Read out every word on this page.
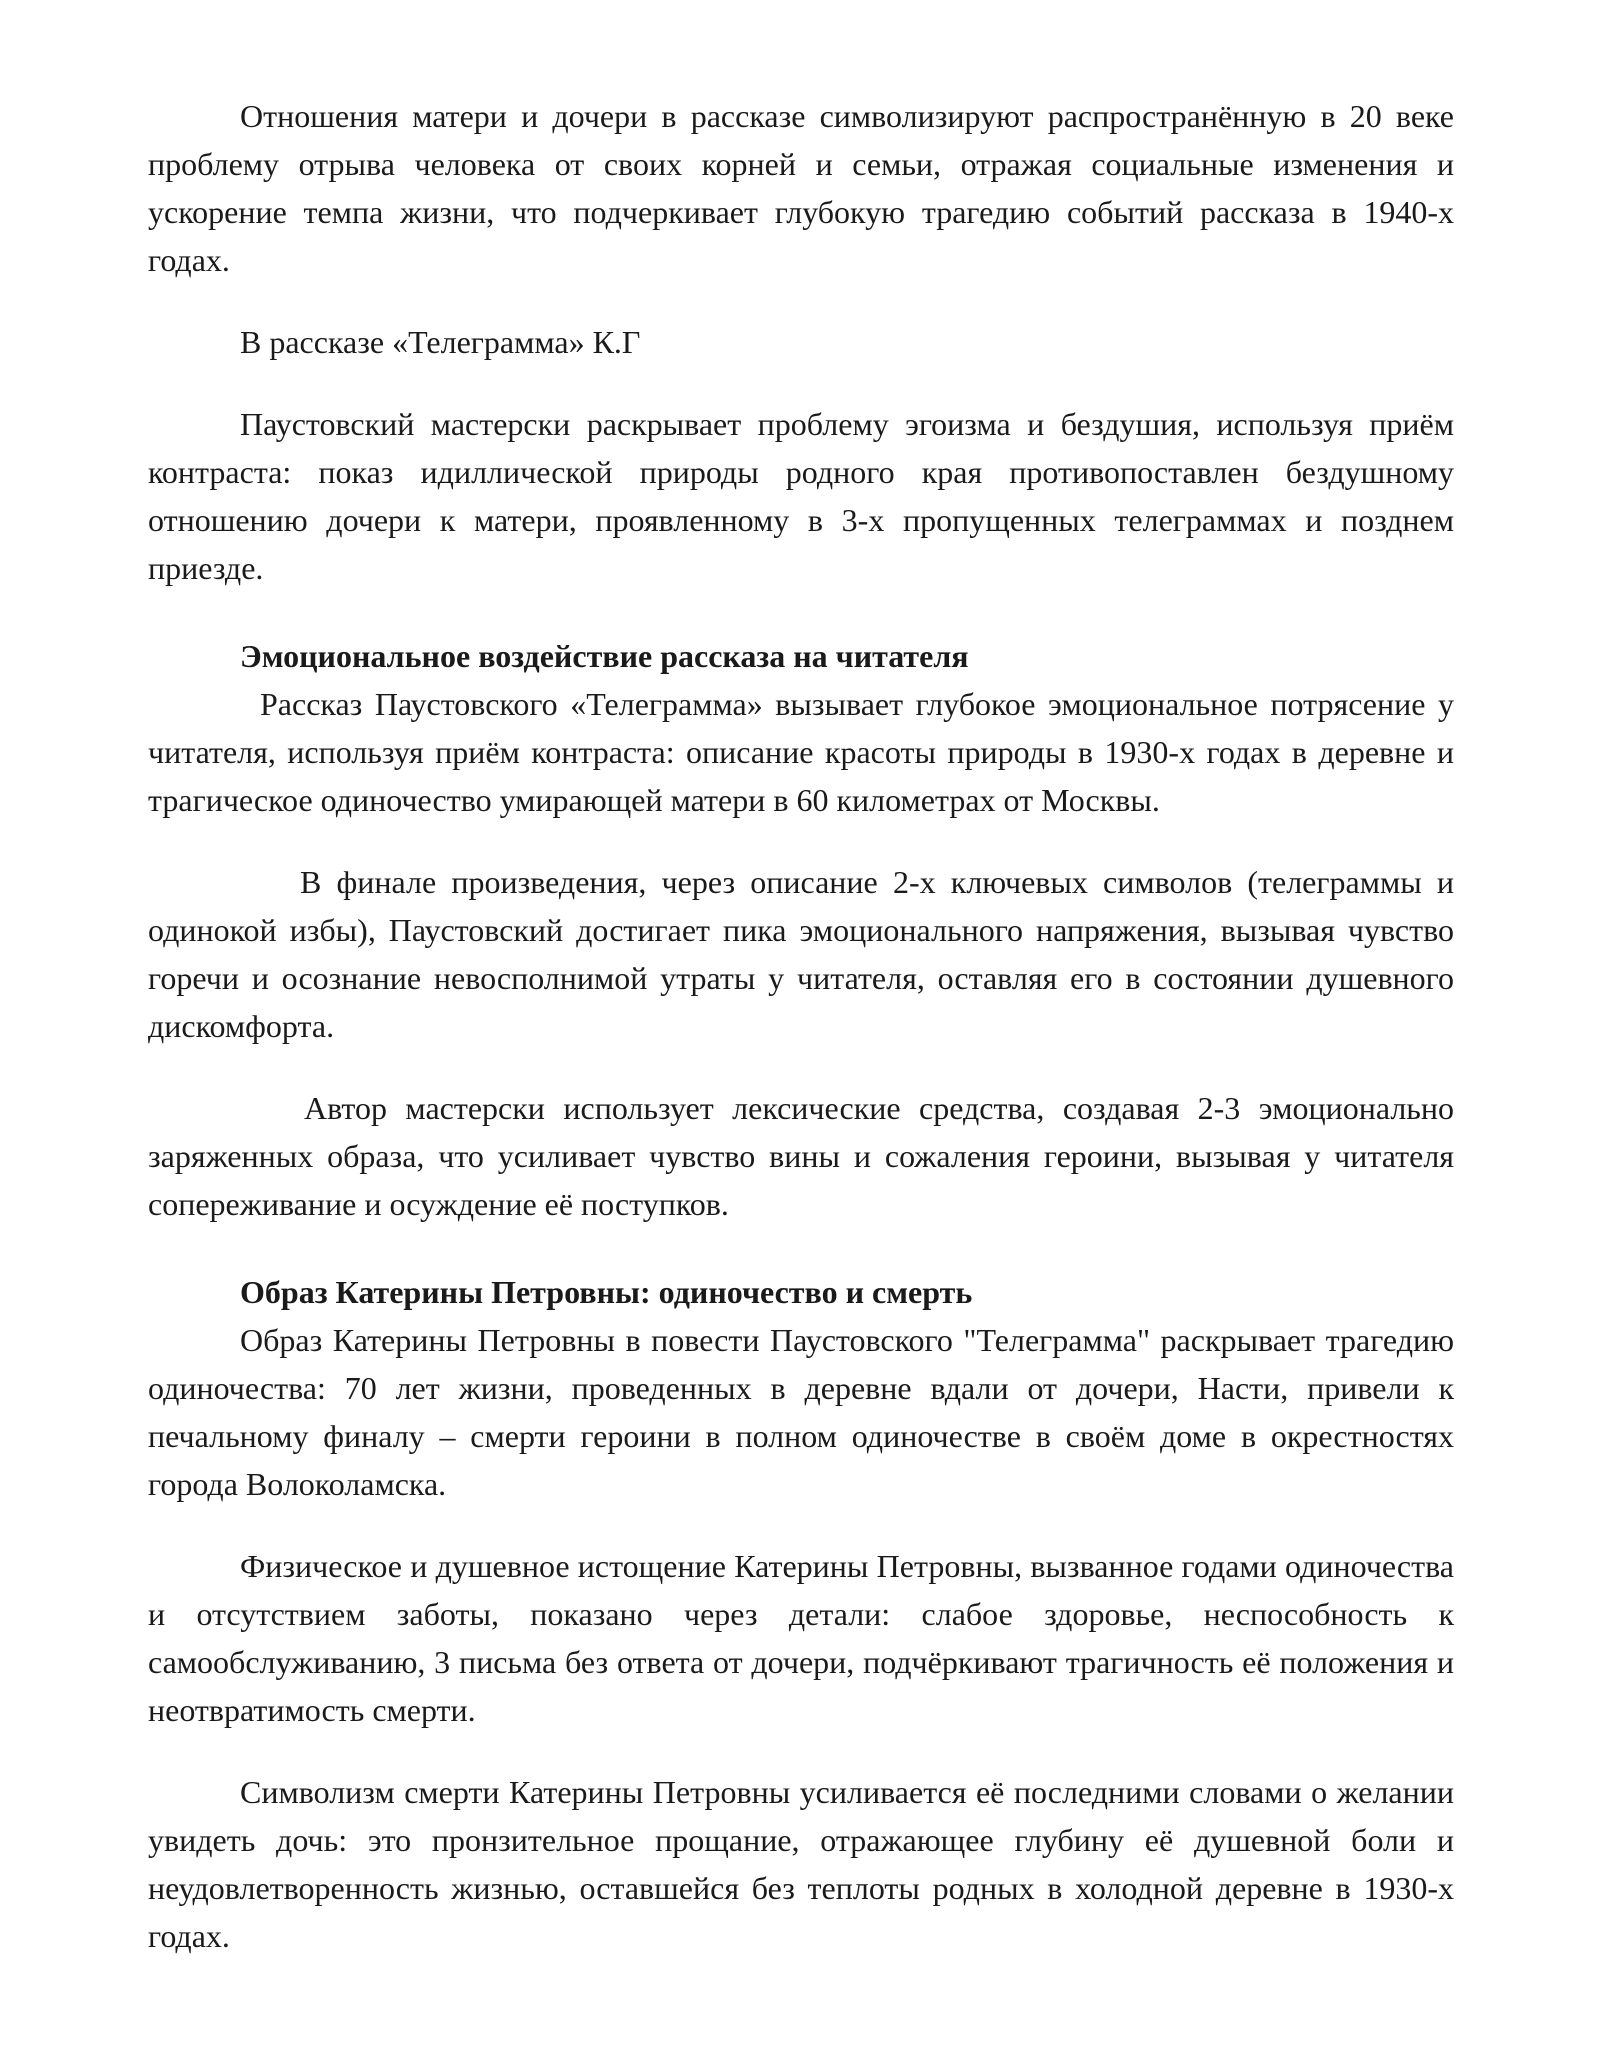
Отношения матери и дочери в рассказе символизируют распространённую в 20 веке проблему отрыва человека от своих корней и семьи, отражая социальные изменения и ускорение темпа жизни, что подчеркивает глубокую трагедию событий рассказа в 1940-х годах.

В рассказе «Телеграмма» К.Г

Паустовский мастерски раскрывает проблему эгоизма и бездушия, используя приём контраста: показ идиллической природы родного края противопоставлен бездушному отношению дочери к матери, проявленному в 3-х пропущенных телеграммах и позднем приезде.

Эмоциональное воздействие рассказа на читателя

Рассказ Паустовского «Телеграмма» вызывает глубокое эмоциональное потрясение у читателя, используя приём контраста: описание красоты природы в 1930-х годах в деревне и трагическое одиночество умирающей матери в 60 километрах от Москвы.

В финале произведения, через описание 2-х ключевых символов (телеграммы и одинокой избы), Паустовский достигает пика эмоционального напряжения, вызывая чувство горечи и осознание невосполнимой утраты у читателя, оставляя его в состоянии душевного дискомфорта.

Автор мастерски использует лексические средства, создавая 2-3 эмоционально заряженных образа, что усиливает чувство вины и сожаления героини, вызывая у читателя сопереживание и осуждение её поступков.

Образ Катерины Петровны: одиночество и смерть

Образ Катерины Петровны в повести Паустовского "Телеграмма" раскрывает трагедию одиночества: 70 лет жизни, проведенных в деревне вдали от дочери, Насти, привели к печальному финалу – смерти героини в полном одиночестве в своём доме в окрестностях города Волоколамска.

Физическое и душевное истощение Катерины Петровны, вызванное годами одиночества и отсутствием заботы, показано через детали: слабое здоровье, неспособность к самообслуживанию, 3 письма без ответа от дочери, подчёркивают трагичность её положения и неотвратимость смерти.

Символизм смерти Катерины Петровны усиливается её последними словами о желании увидеть дочь: это пронзительное прощание, отражающее глубину её душевной боли и неудовлетворенность жизнью, оставшейся без теплоты родных в холодной деревне в 1930-х годах.
